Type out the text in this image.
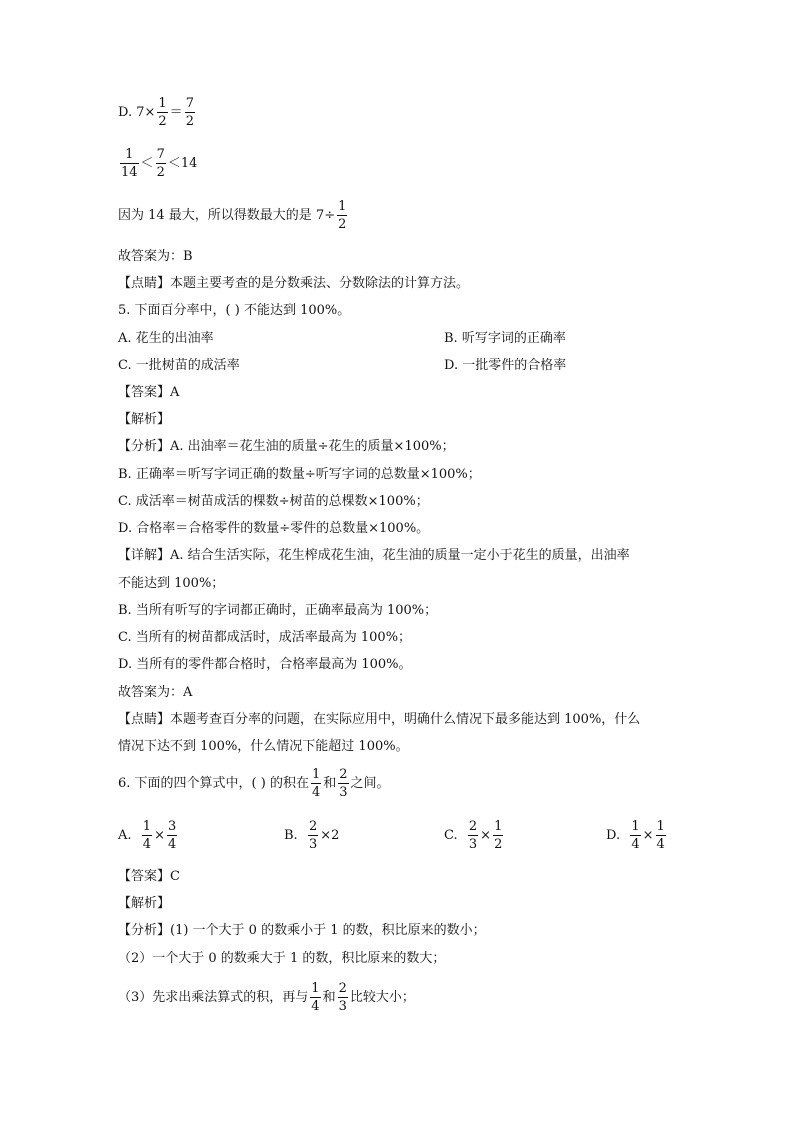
D. $7\times \frac{1}{2} = \frac{7}{2}$
$\frac{1}{14} < \frac{7}{2} <14$
因为 14 最大，所以得数最大的是 $7\div \frac{1}{2}$
故答案为：B
【点睛】本题主要考查的是分数乘法、分数除法的计算方法。
5. 下面百分率中，( ) 不能达到 100%。
A. 花生的出油率	B. 听写字词的正确率
C. 一批树苗的成活率	D. 一批零件的合格率
【答案】A
【解析】
【分析】A. 出油率＝花生油的质量÷花生的质量×100%；
B. 正确率＝听写字词正确的数量÷听写字词的总数量×100%；
C. 成活率＝树苗成活的棵数÷树苗的总棵数×100%；
D. 合格率＝合格零件的数量÷零件的总数量×100%。
【详解】A. 结合生活实际，花生榨成花生油，花生油的质量一定小于花生的质量，出油率
不能达到 100%；
B. 当所有听写的字词都正确时，正确率最高为 100%；
C. 当所有的树苗都成活时，成活率最高为 100%；
D. 当所有的零件都合格时，合格率最高为 100%。
故答案为：A
【点睛】本题考查百分率的问题，在实际应用中，明确什么情况下最多能达到 100%，什么
情况下达不到 100%，什么情况下能超过 100%。
6. 下面的四个算式中，( ) 的积在 $\frac{1}{4}$ 和 $\frac{2}{3}$ 之间。
A. $\frac{1}{4} \times \frac{3}{4}$	B. $\frac{2}{3} \times 2$	C. $\frac{2}{3} \times \frac{1}{2}$	D. $\frac{1}{4} \times \frac{1}{4}$
【答案】C
【解析】
【分析】(1) 一个大于 0 的数乘小于 1 的数，积比原来的数小；
（2）一个大于 0 的数乘大于 1 的数，积比原来的数大；
（3）先求出乘法算式的积，再与 $\frac{1}{4}$ 和 $\frac{2}{3}$ 比较大小；
